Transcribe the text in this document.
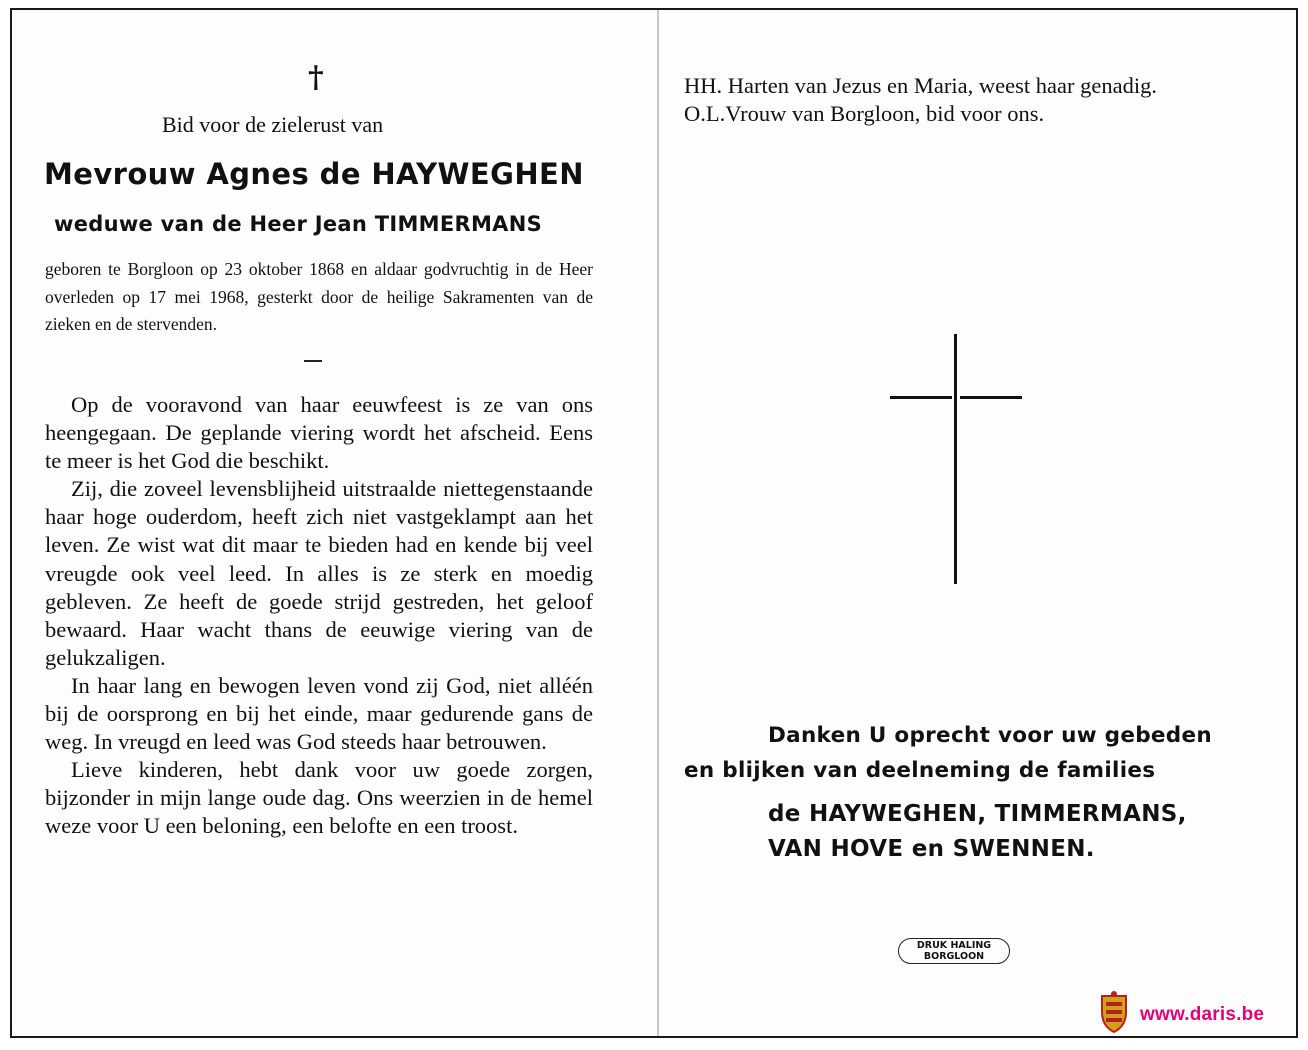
†
Bid voor de zielerust van
Mevrouw Agnes de HAYWEGHEN
weduwe van de Heer Jean TIMMERMANS
geboren te Borgloon op 23 oktober 1868 en aldaar godvruchtig in de Heer overleden op 17 mei 1968, gesterkt door de heilige Sakramenten van de zieken en de stervenden.

Op de vooravond van haar eeuwfeest is ze van ons heengegaan. De geplande viering wordt het afscheid. Eens te meer is het God die beschikt.

Zij, die zoveel levensblijheid uitstraalde niettegenstaande haar hoge ouderdom, heeft zich niet vastgeklampt aan het leven. Ze wist wat dit maar te bieden had en kende bij veel vreugde ook veel leed. In alles is ze sterk en moedig gebleven. Ze heeft de goede strijd gestreden, het geloof bewaard. Haar wacht thans de eeuwige viering van de gelukzaligen.

In haar lang en bewogen leven vond zij God, niet alléén bij de oorsprong en bij het einde, maar gedurende gans de weg. In vreugd en leed was God steeds haar betrouwen.

Lieve kinderen, hebt dank voor uw goede zorgen, bijzonder in mijn lange oude dag. Ons weerzien in de hemel weze voor U een beloning, een belofte en een troost.

HH. Harten van Jezus en Maria, weest haar genadig.

O.L.Vrouw van Borgloon, bid voor ons.

Danken U oprecht voor uw gebeden
en blijken van deelneming de families
de HAYWEGHEN, TIMMERMANS,
VAN HOVE en SWENNEN.
DRUK HALING
BORGLOON
www.daris.be
